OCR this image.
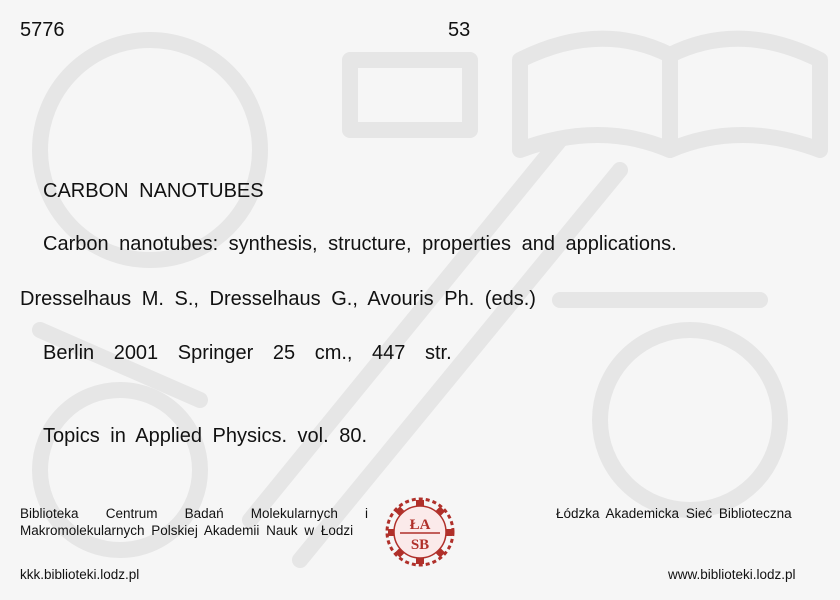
5776	53
CARBON NANOTUBES
Carbon nanotubes: synthesis, structure, properties and applications.
Dresselhaus M. S., Dresselhaus G., Avouris Ph. (eds.)
Berlin 2001 Springer 25 cm., 447 str.
Topics in Applied Physics. vol. 80.
Biblioteka Centrum Badań Molekularnych i Makromolekularnych Polskiej Akademii Nauk w Łodzi
Łódzka Akademicka Sieć Biblioteczna
kkk.biblioteki.lodz.pl	www.biblioteki.lodz.pl
ŁA
SB
